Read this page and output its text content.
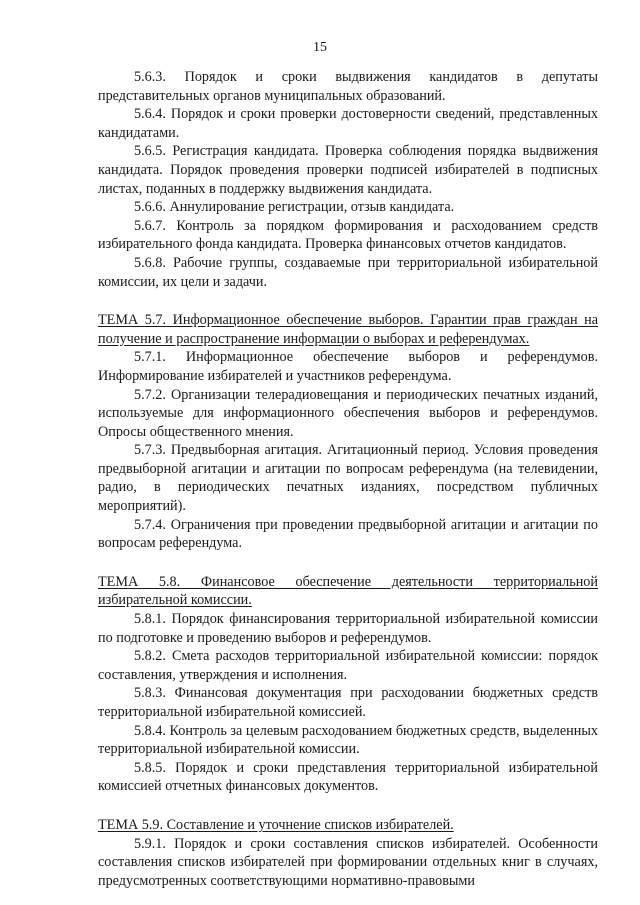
15

5.6.3. Порядок и сроки выдвижения кандидатов в депутаты представительных органов муниципальных образований.

5.6.4. Порядок и сроки проверки достоверности сведений, представленных кандидатами.

5.6.5. Регистрация кандидата. Проверка соблюдения порядка выдвижения кандидата. Порядок проведения проверки подписей избирателей в подписных листах, поданных в поддержку выдвижения кандидата.

5.6.6. Аннулирование регистрации, отзыв кандидата.

5.6.7. Контроль за порядком формирования и расходованием средств избирательного фонда кандидата. Проверка финансовых отчетов кандидатов.

5.6.8. Рабочие группы, создаваемые при территориальной избирательной комиссии, их цели и задачи.

ТЕМА 5.7. Информационное обеспечение выборов. Гарантии прав граждан на получение и распространение информации о выборах и референдумах.

5.7.1. Информационное обеспечение выборов и референдумов. Информирование избирателей и участников референдума.

5.7.2. Организации телерадиовещания и периодических печатных изданий, используемые для информационного обеспечения выборов и референдумов. Опросы общественного мнения.

5.7.3. Предвыборная агитация. Агитационный период. Условия проведения предвыборной агитации и агитации по вопросам референдума (на телевидении, радио, в периодических печатных изданиях, посредством публичных мероприятий).

5.7.4. Ограничения при проведении предвыборной агитации и агитации по вопросам референдума.

ТЕМА 5.8. Финансовое обеспечение деятельности территориальной избирательной комиссии.

5.8.1. Порядок финансирования территориальной избирательной комиссии по подготовке и проведению выборов и референдумов.

5.8.2. Смета расходов территориальной избирательной комиссии: порядок составления, утверждения и исполнения.

5.8.3. Финансовая документация при расходовании бюджетных средств территориальной избирательной комиссией.

5.8.4. Контроль за целевым расходованием бюджетных средств, выделенных территориальной избирательной комиссии.

5.8.5. Порядок и сроки представления территориальной избирательной комиссией отчетных финансовых документов.

ТЕМА 5.9. Составление и уточнение списков избирателей.

5.9.1. Порядок и сроки составления списков избирателей. Особенности составления списков избирателей при формировании отдельных книг в случаях, предусмотренных соответствующими нормативно-правовыми
